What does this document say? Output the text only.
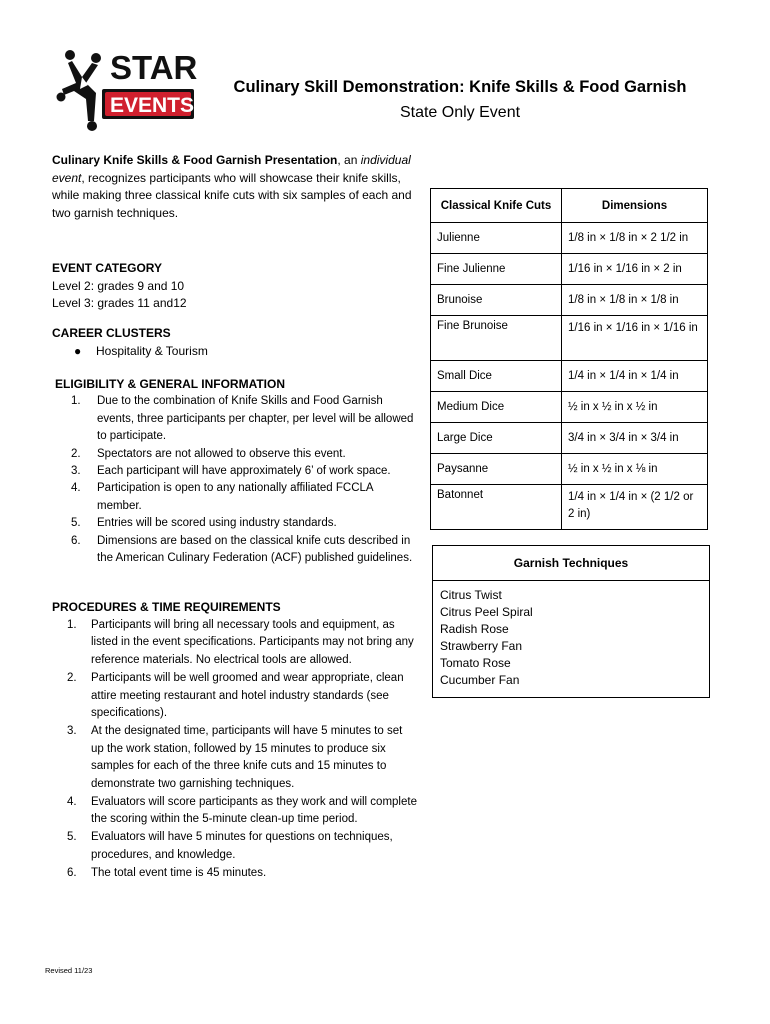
STAR
EVENTS
Culinary Skill Demonstration: Knife Skills & Food Garnish
State Only Event
Culinary Knife Skills & Food Garnish Presentation, an individual event, recognizes participants who will showcase their knife skills, while making three classical knife cuts with six samples of each and two garnish techniques.
EVENT CATEGORY
Level 2: grades 9 and 10
Level 3: grades 11 and12
CAREER CLUSTERS
● Hospitality & Tourism
ELIGIBILITY & GENERAL INFORMATION
1. Due to the combination of Knife Skills and Food Garnish events, three participants per chapter, per level will be allowed to participate.
2. Spectators are not allowed to observe this event.
3. Each participant will have approximately 6’ of work space.
4. Participation is open to any nationally affiliated FCCLA member.
5. Entries will be scored using industry standards.
6. Dimensions are based on the classical knife cuts described in the American Culinary Federation (ACF) published guidelines.
PROCEDURES & TIME REQUIREMENTS
1. Participants will bring all necessary tools and equipment, as listed in the event specifications. Participants may not bring any reference materials. No electrical tools are allowed.
2. Participants will be well groomed and wear appropriate, clean attire meeting restaurant and hotel industry standards (see specifications).
3. At the designated time, participants will have 5 minutes to set up the work station, followed by 15 minutes to produce six samples for each of the three knife cuts and 15 minutes to demonstrate two garnishing techniques.
4. Evaluators will score participants as they work and will complete the scoring within the 5-minute clean-up time period.
5. Evaluators will have 5 minutes for questions on techniques, procedures, and knowledge.
6. The total event time is 45 minutes.
Classical Knife Cuts	Dimensions
Julienne	1/8 in × 1/8 in × 2 1/2 in
Fine Julienne	1/16 in × 1/16 in × 2 in
Brunoise	1/8 in × 1/8 in × 1/8 in
Fine Brunoise	1/16 in × 1/16 in × 1/16 in
Small Dice	1/4 in × 1/4 in × 1/4 in
Medium Dice	½ in x ½ in x ½ in
Large Dice	3/4 in × 3/4 in × 3/4 in
Paysanne	½ in x ½ in x ⅛ in
Batonnet	1/4 in × 1/4 in × (2 1/2 or 2 in)
Garnish Techniques
Citrus Twist
Citrus Peel Spiral
Radish Rose
Strawberry Fan
Tomato Rose
Cucumber Fan
Revised 11/23
